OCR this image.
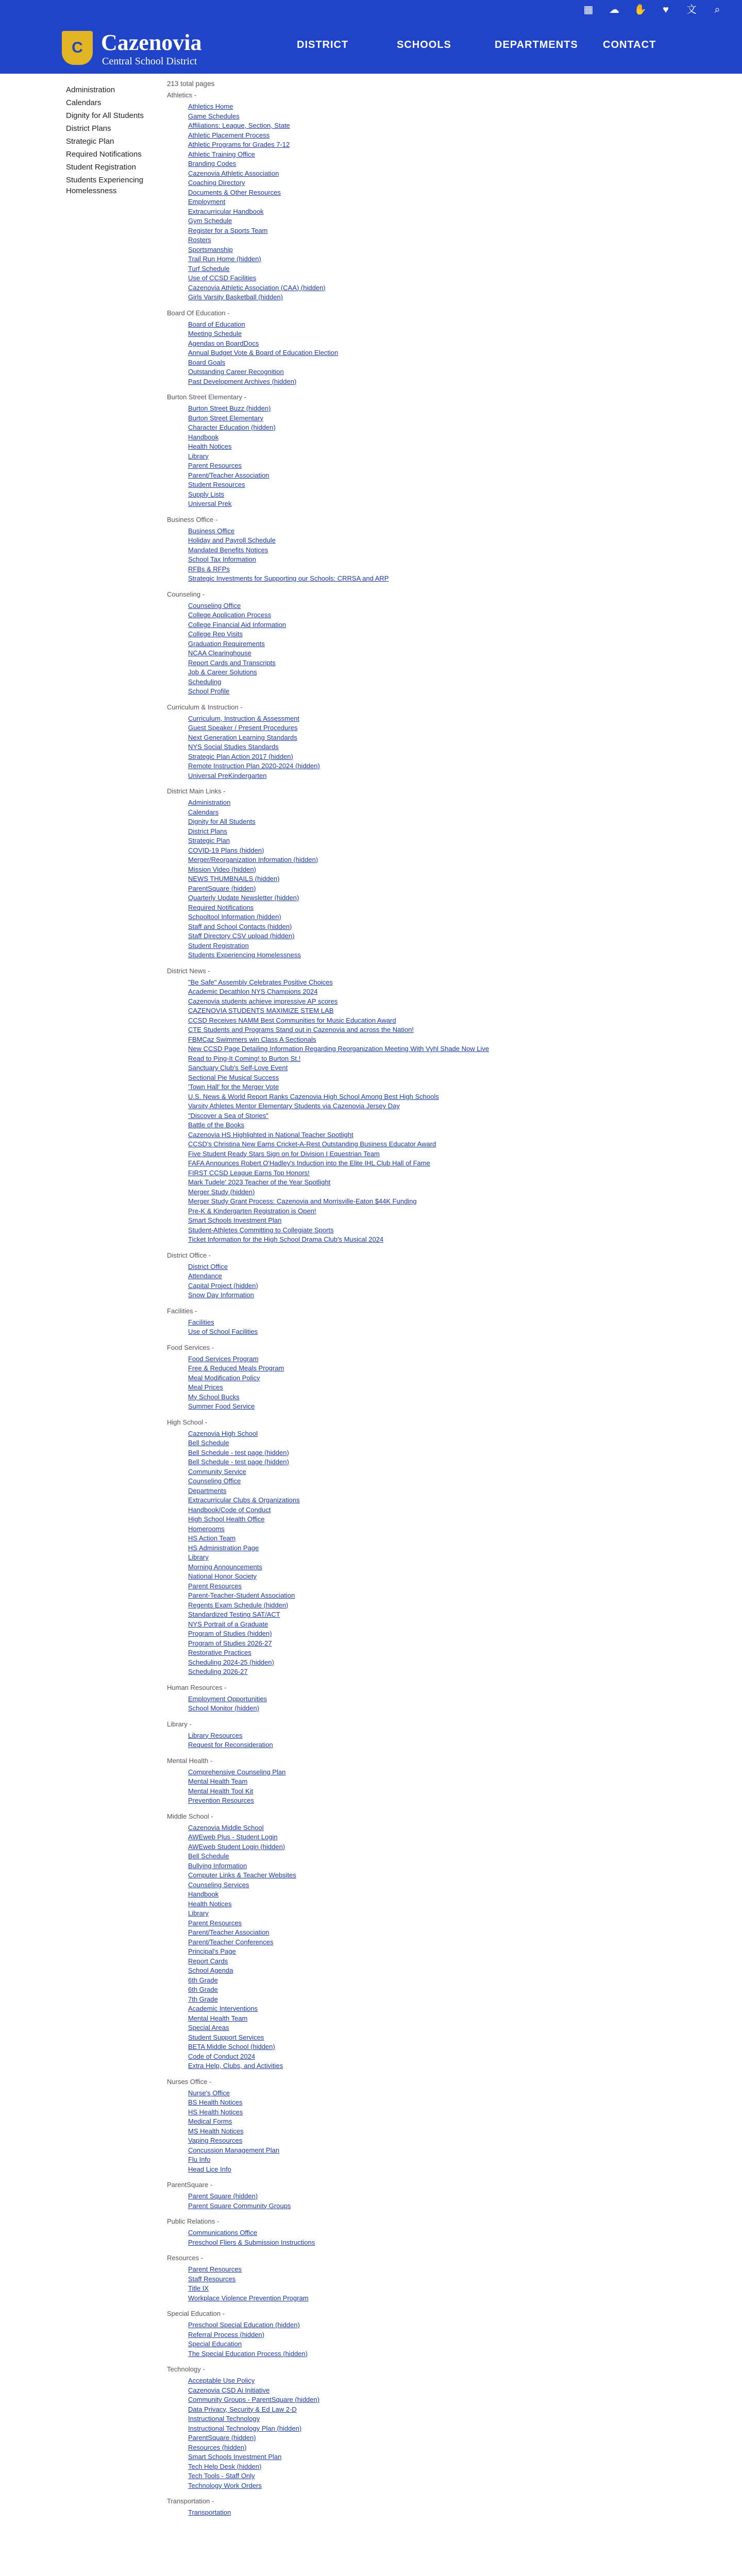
▦ ☁ ✋	♥	文	⌕
C Cazenovia
Central School District
DISTRICT	SCHOOLS	DEPARTMENTS CONTACT
Administration
Calendars
Dignity for All Students
District Plans
Strategic Plan
Required Notifications
Student Registration
Students Experiencing Homelessness
213 total pages
Athletics -
Athletics Home
Game Schedules
Affiliations: League, Section, State
Athletic Placement Process
Athletic Programs for Grades 7-12
Athletic Training Office
Branding Codes
Cazenovia Athletic Association
Coaching Directory
Documents & Other Resources
Employment
Extracurricular Handbook
Gym Schedule
Register for a Sports Team
Rosters
Sportsmanship
Trail Run Home (hidden)
Turf Schedule
Use of CCSD Facilities
Cazenovia Athletic Association (CAA) (hidden)
Girls Varsity Basketball (hidden)
Board Of Education -
Board of Education
Meeting Schedule
Agendas on BoardDocs
Annual Budget Vote & Board of Education Election
Board Goals
Outstanding Career Recognition
Past Development Archives (hidden)
Burton Street Elementary -
Burton Street Buzz (hidden)
Burton Street Elementary
Character Education (hidden)
Handbook
Health Notices
Library
Parent Resources
Parent/Teacher Association
Student Resources
Supply Lists
Universal Prek
Business Office -
Business Office
Holiday and Payroll Schedule
Mandated Benefits Notices
School Tax Information
RFBs & RFPs
Strategic Investments for Supporting our Schools: CRRSA and ARP
Counseling -
Counseling Office
College Application Process
College Financial Aid Information
College Rep Visits
Graduation Requirements
NCAA Clearinghouse
Report Cards and Transcripts
Job & Career Solutions
Scheduling
School Profile
Curriculum & Instruction -
Curriculum, Instruction & Assessment
Guest Speaker / Present Procedures
Next Generation Learning Standards
NYS Social Studies Standards
Strategic Plan Action 2017 (hidden)
Remote Instruction Plan 2020-2024 (hidden)
Universal PreKindergarten
District Main Links -
Administration
Calendars
Dignity for All Students
District Plans
Strategic Plan
COVID-19 Plans (hidden)
Merger/Reorganization Information (hidden)
Mission Video (hidden)
NEWS THUMBNAILS (hidden)
ParentSquare (hidden)
Quarterly Update Newsletter (hidden)
Required Notifications
Schooltool Information (hidden)
Staff and School Contacts (hidden)
Staff Directory CSV upload (hidden)
Student Registration
Students Experiencing Homelessness
District News -
"Be Safe" Assembly Celebrates Positive Choices
Academic Decathlon NYS Champions 2024
Cazenovia students achieve impressive AP scores
CAZENOVIA STUDENTS MAXIMIZE STEM LAB
CCSD Receives NAMM Best Communities for Music Education Award
CTE Students and Programs Stand out in Cazenovia and across the Nation!
FBMCaz Swimmers win Class A Sectionals
New CCSD Page Detailing Information Regarding Reorganization Meeting With Vyhl Shade Now Live
Read to Ping-It Coming! to Burton St.!
Sanctuary Club's Self-Love Event
Sectional Pie Musical Success
'Town Hall' for the Merger Vote
U.S. News & World Report Ranks Cazenovia High School Among Best High Schools
Varsity Athletes Mentor Elementary Students via Cazenovia Jersey Day
"Discover a Sea of Stories"
Battle of the Books
Cazenovia HS Highlighted in National Teacher Spotlight
CCSD's Christina New Earns Cricket-A-Rest Outstanding Business Educator Award
Five Student Ready Stars Sign on for Division I Equestrian Team
FAFA Announces Robert O'Hadley's Induction into the Elite IHL Club Hall of Fame
FIRST CCSD League Earns Top Honors!
Mark Tudele' 2023 Teacher of the Year Spotlight
Merger Study (hidden)
Merger Study Grant Process: Cazenovia and Morrisville-Eaton $44K Funding
Pre-K & Kindergarten Registration is Open!
Smart Schools Investment Plan
Student-Athletes Committing to Collegiate Sports
Ticket Information for the High School Drama Club's Musical 2024
District Office -
District Office
Attendance
Capital Project (hidden)
Snow Day Information
Facilities -
Facilities
Use of School Facilities
Food Services -
Food Services Program
Free & Reduced Meals Program
Meal Modification Policy
Meal Prices
My School Bucks
Summer Food Service
High School -
Cazenovia High School
Bell Schedule
Bell Schedule - test page (hidden)
Bell Schedule - test page (hidden)
Community Service
Counseling Office
Departments
Extracurricular Clubs & Organizations
Handbook/Code of Conduct
High School Health Office
Homerooms
HS Action Team
HS Administration Page
Library
Morning Announcements
National Honor Society
Parent Resources
Parent-Teacher-Student Association
Regents Exam Schedule (hidden)
Standardized Testing SAT/ACT
NYS Portrait of a Graduate
Program of Studies (hidden)
Program of Studies 2026-27
Restorative Practices
Scheduling 2024-25 (hidden)
Scheduling 2026-27
Human Resources -
Employment Opportunities
School Monitor (hidden)
Library -
Library Resources
Request for Reconsideration
Mental Health -
Comprehensive Counseling Plan
Mental Health Team
Mental Health Tool Kit
Prevention Resources
Middle School -
Cazenovia Middle School
AWEweb Plus - Student Login
AWEweb Student Login (hidden)
Bell Schedule
Bullying Information
Computer Links & Teacher Websites
Counseling Services
Handbook
Health Notices
Library
Parent Resources
Parent/Teacher Association
Parent/Teacher Conferences
Principal's Page
Report Cards
School Agenda
6th Grade
6th Grade
7th Grade
Academic Interventions
Mental Health Team
Special Areas
Student Support Services
BETA Middle School (hidden)
Code of Conduct 2024
Extra Help, Clubs, and Activities
Nurses Office -
Nurse's Office
BS Health Notices
HS Health Notices
Medical Forms
MS Health Notices
Vaping Resources
Concussion Management Plan
Flu Info
Head Lice Info
ParentSquare -
Parent Square (hidden)
Parent Square Community Groups
Public Relations -
Communications Office
Preschool Fliers & Submission Instructions
Resources -
Parent Resources
Staff Resources
Title IX
Workplace Violence Prevention Program
Special Education -
Preschool Special Education (hidden)
Referral Process (hidden)
Special Education
The Special Education Process (hidden)
Technology -
Acceptable Use Policy
Cazenovia CSD Ai Initiative
Community Groups - ParentSquare (hidden)
Data Privacy, Security & Ed Law 2-D
Instructional Technology
Instructional Technology Plan (hidden)
ParentSquare (hidden)
Resources (hidden)
Smart Schools Investment Plan
Tech Help Desk (hidden)
Tech Tools - Staff Only
Technology Work Orders
Transportation -
Transportation
